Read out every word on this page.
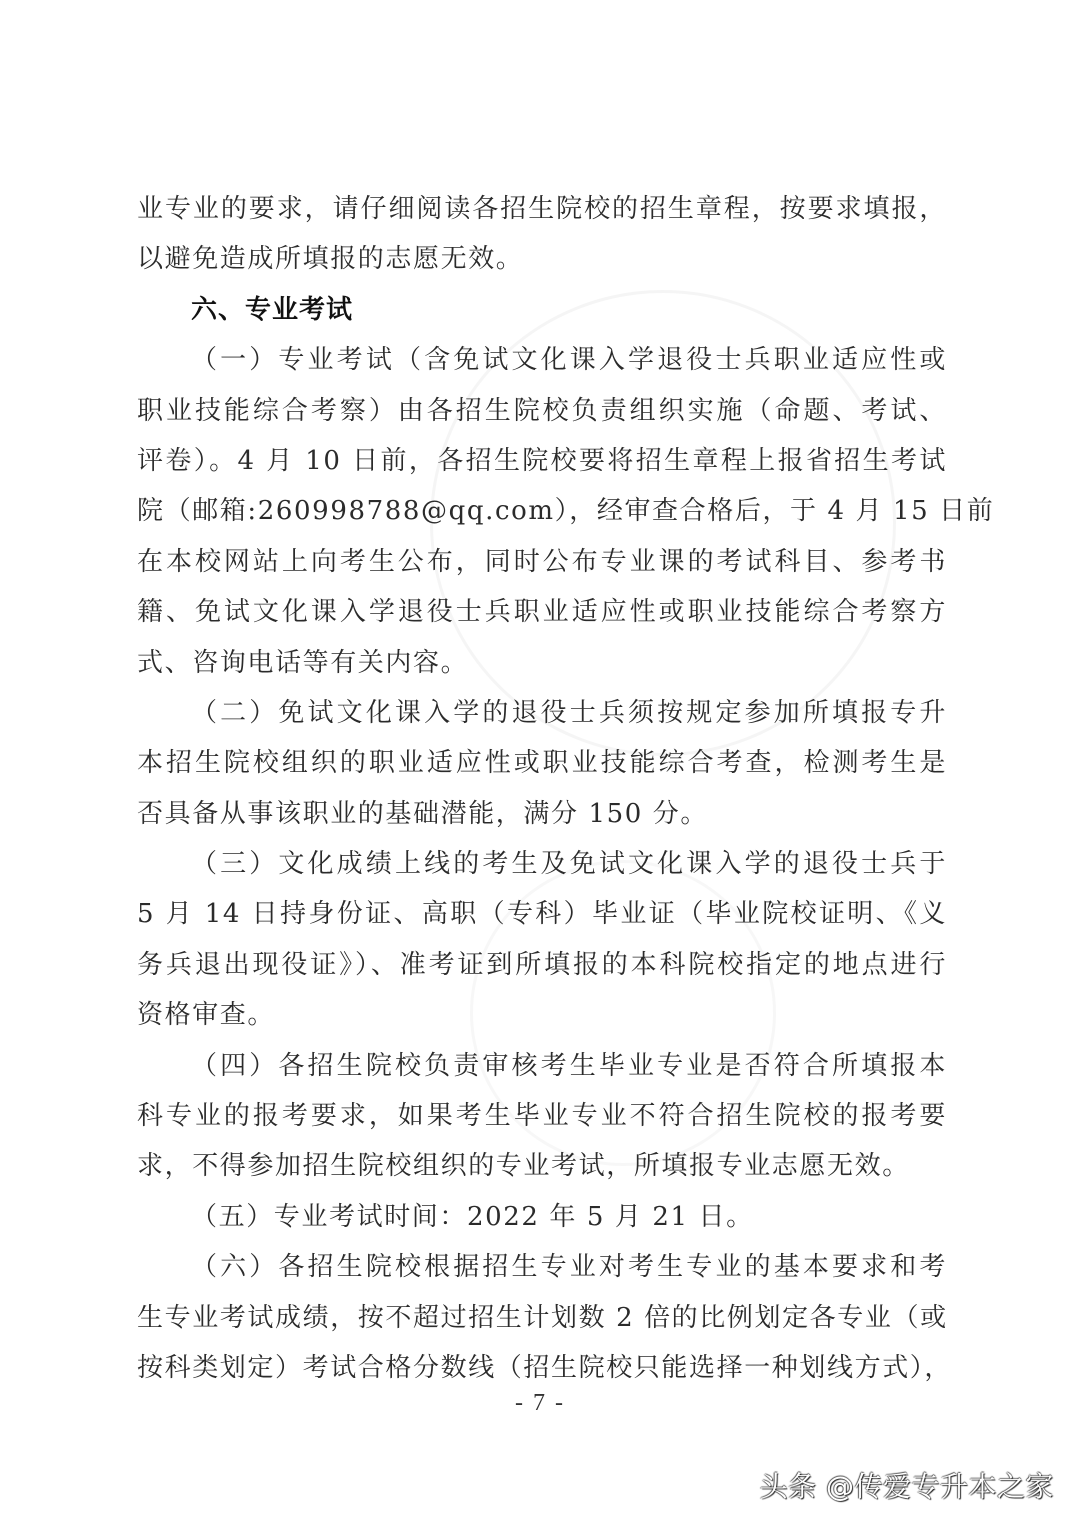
业专业的要求，请仔细阅读各招生院校的招生章程，按要求填报，
以避免造成所填报的志愿无效。
六、专业考试
（一）专业考试（含免试文化课入学退役士兵职业适应性或
职业技能综合考察）由各招生院校负责组织实施（命题、考试、
评卷）。4 月 10 日前，各招生院校要将招生章程上报省招生考试
院（邮箱:260998788@qq.com），经审查合格后，于 4 月 15 日前
在本校网站上向考生公布，同时公布专业课的考试科目、参考书
籍、免试文化课入学退役士兵职业适应性或职业技能综合考察方
式、咨询电话等有关内容。
（二）免试文化课入学的退役士兵须按规定参加所填报专升
本招生院校组织的职业适应性或职业技能综合考查，检测考生是
否具备从事该职业的基础潜能，满分 150 分。
（三）文化成绩上线的考生及免试文化课入学的退役士兵于
5 月 14 日持身份证、高职（专科）毕业证（毕业院校证明、《义
务兵退出现役证》）、准考证到所填报的本科院校指定的地点进行
资格审查。
（四）各招生院校负责审核考生毕业专业是否符合所填报本
科专业的报考要求，如果考生毕业专业不符合招生院校的报考要
求，不得参加招生院校组织的专业考试，所填报专业志愿无效。
（五）专业考试时间：2022 年 5 月 21 日。
（六）各招生院校根据招生专业对考生专业的基本要求和考
生专业考试成绩，按不超过招生计划数 2 倍的比例划定各专业（或
按科类划定）考试合格分数线（招生院校只能选择一种划线方式），
- 7 -
头条 @传爱专升本之家
